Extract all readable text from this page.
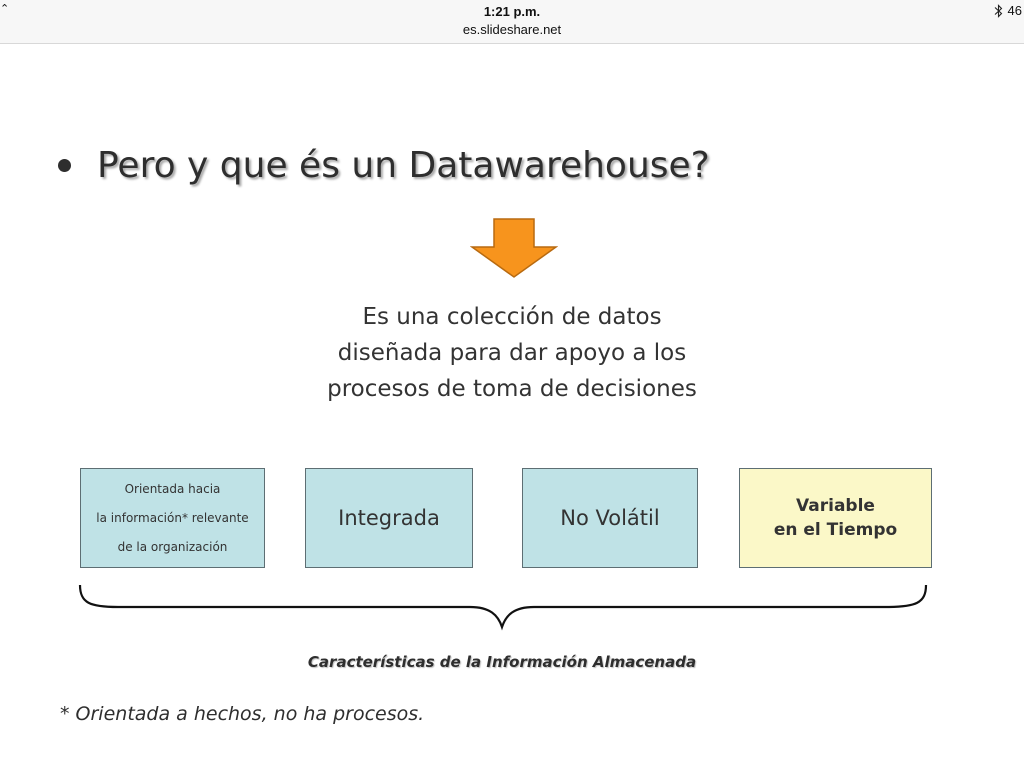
⌃	1:21 p.m.
es.slideshare.net
46
Pero y que és un Datawarehouse?
Es una colección de datos
diseñada para dar apoyo a los
procesos de toma de decisiones
Orientada hacia
la información* relevante
de la organización
Integrada	No Volátil	Variable
en el Tiempo
Características de la Información Almacenada
* Orientada a hechos, no ha procesos.
